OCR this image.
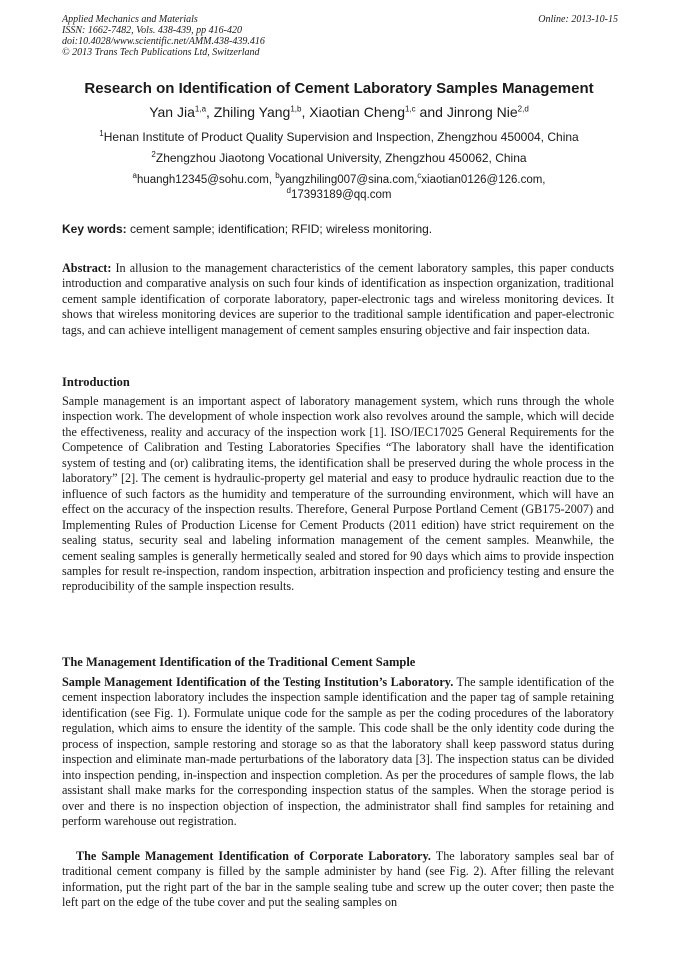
Applied Mechanics and Materials
ISSN: 1662-7482, Vols. 438-439, pp 416-420
doi:10.4028/www.scientific.net/AMM.438-439.416
© 2013 Trans Tech Publications Ltd, Switzerland
Online: 2013-10-15
Research on Identification of Cement Laboratory Samples Management
Yan Jia$^{1,a}$, Zhiling Yang$^{1,b}$, Xiaotian Cheng$^{1,c}$ and Jinrong Nie$^{2,d}$
$^1$Henan Institute of Product Quality Supervision and Inspection, Zhengzhou 450004, China
$^2$Zhengzhou Jiaotong Vocational University, Zhengzhou 450062, China
$^a$huangh12345@sohu.com, $^b$yangzhiling007@sina.com,$^c$xiaotian0126@126.com,
$^d$17393189@qq.com
Key words: cement sample; identification; RFID; wireless monitoring.
Abstract: In allusion to the management characteristics of the cement laboratory samples, this paper conducts introduction and comparative analysis on such four kinds of identification as inspection organization, traditional cement sample identification of corporate laboratory, paper-electronic tags and wireless monitoring devices. It shows that wireless monitoring devices are superior to the traditional sample identification and paper-electronic tags, and can achieve intelligent management of cement samples ensuring objective and fair inspection data.
Introduction
Sample management is an important aspect of laboratory management system, which runs through the whole inspection work. The development of whole inspection work also revolves around the sample, which will decide the effectiveness, reality and accuracy of the inspection work [1]. ISO/IEC17025 General Requirements for the Competence of Calibration and Testing Laboratories Specifies “The laboratory shall have the identification system of testing and (or) calibrating items, the identification shall be preserved during the whole process in the laboratory” [2]. The cement is hydraulic-property gel material and easy to produce hydraulic reaction due to the influence of such factors as the humidity and temperature of the surrounding environment, which will have an effect on the accuracy of the inspection results. Therefore, General Purpose Portland Cement (GB175-2007) and Implementing Rules of Production License for Cement Products (2011 edition) have strict requirement on the sealing status, security seal and labeling information management of the cement samples. Meanwhile, the cement sealing samples is generally hermetically sealed and stored for 90 days which aims to provide inspection samples for result re-inspection, random inspection, arbitration inspection and proficiency testing and ensure the reproducibility of the sample inspection results.
The Management Identification of the Traditional Cement Sample
Sample Management Identification of the Testing Institution’s Laboratory. The sample identification of the cement inspection laboratory includes the inspection sample identification and the paper tag of sample retaining identification (see Fig. 1). Formulate unique code for the sample as per the coding procedures of the laboratory regulation, which aims to ensure the identity of the sample. This code shall be the only identity code during the process of inspection, sample restoring and storage so as that the laboratory shall keep password status during inspection and eliminate man-made perturbations of the laboratory data [3]. The inspection status can be divided into inspection pending, in-inspection and inspection completion. As per the procedures of sample flows, the lab assistant shall make marks for the corresponding inspection status of the samples. When the storage period is over and there is no inspection objection of inspection, the administrator shall find samples for retaining and perform warehouse out registration.
The Sample Management Identification of Corporate Laboratory. The laboratory samples seal bar of traditional cement company is filled by the sample administer by hand (see Fig. 2). After filling the relevant information, put the right part of the bar in the sample sealing tube and screw up the outer cover; then paste the left part on the edge of the tube cover and put the sealing samples on
